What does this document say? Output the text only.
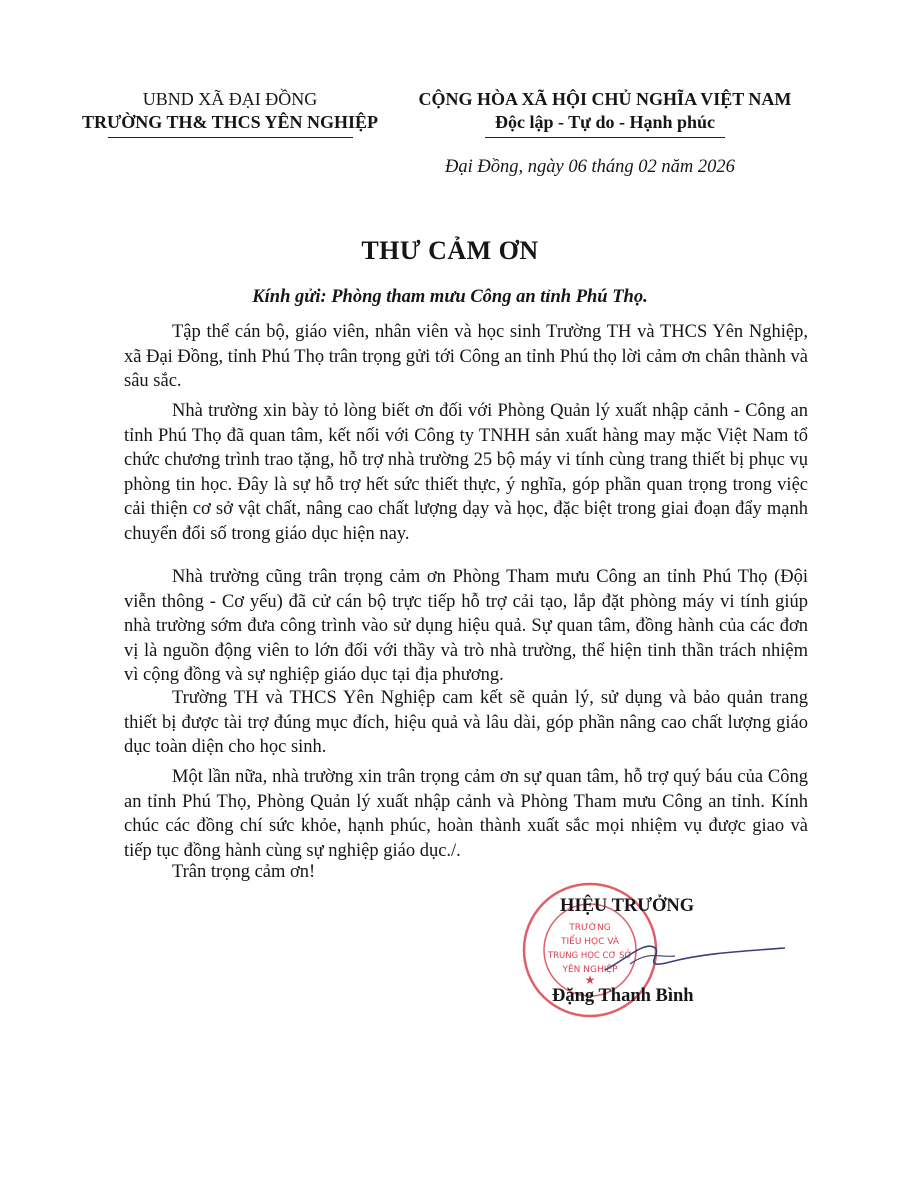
UBND XÃ ĐẠI ĐỒNG
TRƯỜNG TH& THCS YÊN NGHIỆP
CỘNG HÒA XÃ HỘI CHỦ NGHĨA VIỆT NAM
Độc lập - Tự do - Hạnh phúc
Đại Đồng, ngày 06 tháng 02 năm 2026
THƯ CẢM ƠN
Kính gửi: Phòng tham mưu Công an tỉnh Phú Thọ.

Tập thể cán bộ, giáo viên, nhân viên và học sinh Trường TH và THCS Yên Nghiệp, xã Đại Đồng, tỉnh Phú Thọ trân trọng gửi tới Công an tỉnh Phú thọ lời cảm ơn chân thành và sâu sắc.

Nhà trường xin bày tỏ lòng biết ơn đối với Phòng Quản lý xuất nhập cảnh - Công an tỉnh Phú Thọ đã quan tâm, kết nối với Công ty TNHH sản xuất hàng may mặc Việt Nam tổ chức chương trình trao tặng, hỗ trợ nhà trường 25 bộ máy vi tính cùng trang thiết bị phục vụ phòng tin học. Đây là sự hỗ trợ hết sức thiết thực, ý nghĩa, góp phần quan trọng trong việc cải thiện cơ sở vật chất, nâng cao chất lượng dạy và học, đặc biệt trong giai đoạn đẩy mạnh chuyển đổi số trong giáo dục hiện nay.

Nhà trường cũng trân trọng cảm ơn Phòng Tham mưu Công an tỉnh Phú Thọ (Đội viễn thông - Cơ yếu) đã cử cán bộ trực tiếp hỗ trợ cải tạo, lắp đặt phòng máy vi tính giúp nhà trường sớm đưa công trình vào sử dụng hiệu quả. Sự quan tâm, đồng hành của các đơn vị là nguồn động viên to lớn đối với thầy và trò nhà trường, thể hiện tinh thần trách nhiệm vì cộng đồng và sự nghiệp giáo dục tại địa phương.

Trường TH và THCS Yên Nghiệp cam kết sẽ quản lý, sử dụng và bảo quản trang thiết bị được tài trợ đúng mục đích, hiệu quả và lâu dài, góp phần nâng cao chất lượng giáo dục toàn diện cho học sinh.

Một lần nữa, nhà trường xin trân trọng cảm ơn sự quan tâm, hỗ trợ quý báu của Công an tỉnh Phú Thọ, Phòng Quản lý xuất nhập cảnh và Phòng Tham mưu Công an tỉnh. Kính chúc các đồng chí sức khỏe, hạnh phúc, hoàn thành xuất sắc mọi nhiệm vụ được giao và tiếp tục đồng hành cùng sự nghiệp giáo dục./.

Trân trọng cảm ơn!
TRƯỜNG
TIỂU HỌC VÀ
TRUNG HỌC CƠ SỞ
YÊN NGHIỆP
★
HIỆU TRƯỞNG
Đặng Thanh Bình
